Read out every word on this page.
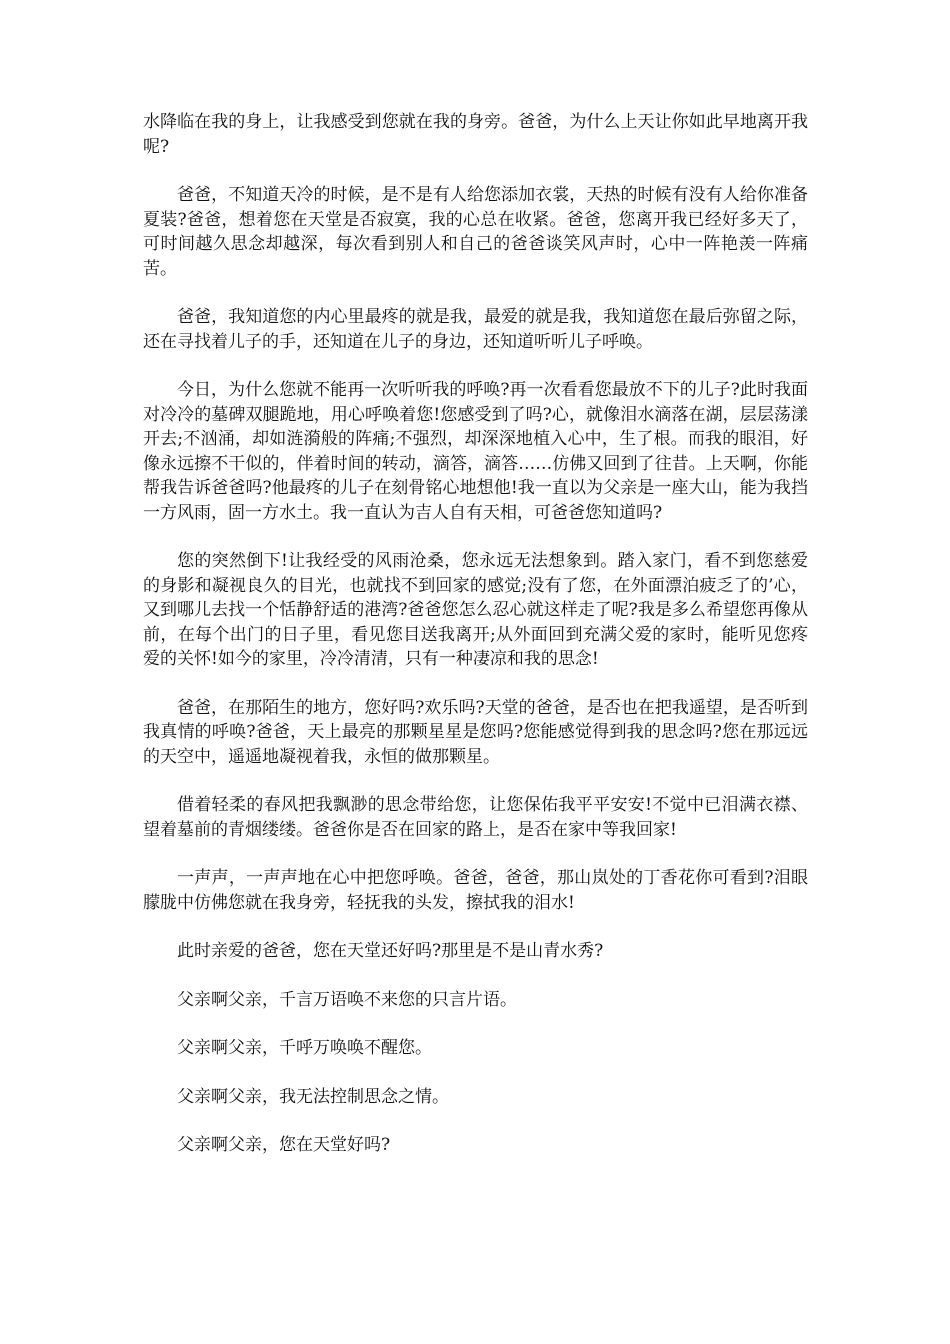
水降临在我的身上，让我感受到您就在我的身旁。爸爸，为什么上天让你如此早地离开我呢?

爸爸，不知道天冷的时候，是不是有人给您添加衣裳，天热的时候有没有人给你准备夏装?爸爸，想着您在天堂是否寂寞，我的心总在收紧。爸爸，您离开我已经好多天了，可时间越久思念却越深，每次看到别人和自己的爸爸谈笑风声时，心中一阵艳羡一阵痛苦。

爸爸，我知道您的内心里最疼的就是我，最爱的就是我，我知道您在最后弥留之际，还在寻找着儿子的手，还知道在儿子的身边，还知道听听儿子呼唤。

今日，为什么您就不能再一次听听我的呼唤?再一次看看您最放不下的儿子?此时我面对冷冷的墓碑双腿跪地，用心呼唤着您!您感受到了吗?心，就像泪水滴落在湖，层层荡漾开去;不汹涌，却如涟漪般的阵痛;不强烈，却深深地植入心中，生了根。而我的眼泪，好像永远擦不干似的，伴着时间的转动，滴答，滴答……仿佛又回到了往昔。上天啊，你能帮我告诉爸爸吗?他最疼的儿子在刻骨铭心地想他!我一直以为父亲是一座大山，能为我挡一方风雨，固一方水土。我一直认为吉人自有天相，可爸爸您知道吗?

您的突然倒下!让我经受的风雨沧桑，您永远无法想象到。踏入家门，看不到您慈爱的身影和凝视良久的目光，也就找不到回家的感觉;没有了您，在外面漂泊疲乏了的’心，又到哪儿去找一个恬静舒适的港湾?爸爸您怎么忍心就这样走了呢?我是多么希望您再像从前，在每个出门的日子里，看见您目送我离开;从外面回到充满父爱的家时，能听见您疼爱的关怀!如今的家里，冷冷清清，只有一种凄凉和我的思念!

爸爸，在那陌生的地方，您好吗?欢乐吗?天堂的爸爸，是否也在把我遥望，是否听到我真情的呼唤?爸爸，天上最亮的那颗星星是您吗?您能感觉得到我的思念吗?您在那远远的天空中，遥遥地凝视着我，永恒的做那颗星。

借着轻柔的春风把我飘渺的思念带给您，让您保佑我平平安安!不觉中已泪满衣襟、望着墓前的青烟缕缕。爸爸你是否在回家的路上，是否在家中等我回家!

一声声，一声声地在心中把您呼唤。爸爸，爸爸，那山岚处的丁香花你可看到?泪眼朦胧中仿佛您就在我身旁，轻抚我的头发，擦拭我的泪水!

此时亲爱的爸爸，您在天堂还好吗?那里是不是山青水秀?

父亲啊父亲，千言万语唤不来您的只言片语。

父亲啊父亲，千呼万唤唤不醒您。

父亲啊父亲，我无法控制思念之情。

父亲啊父亲，您在天堂好吗?
